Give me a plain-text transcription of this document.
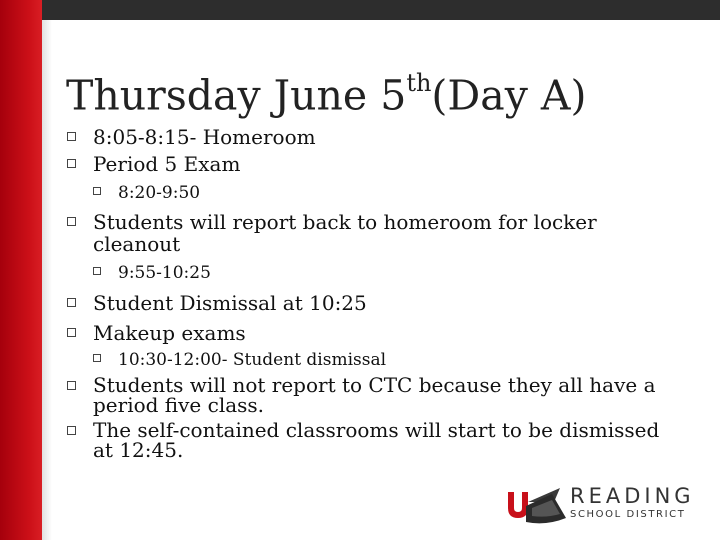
Thursday June 5th(Day A)
8:05-8:15- Homeroom
Period 5 Exam
8:20-9:50
Students will report back to homeroom for locker cleanout
9:55-10:25
Student Dismissal at 10:25
Makeup exams
10:30-12:00- Student dismissal
Students will not report to CTC because they all have a period five class.
The self-contained classrooms will start to be dismissed at 12:45.
READING
SCHOOL DISTRICT
